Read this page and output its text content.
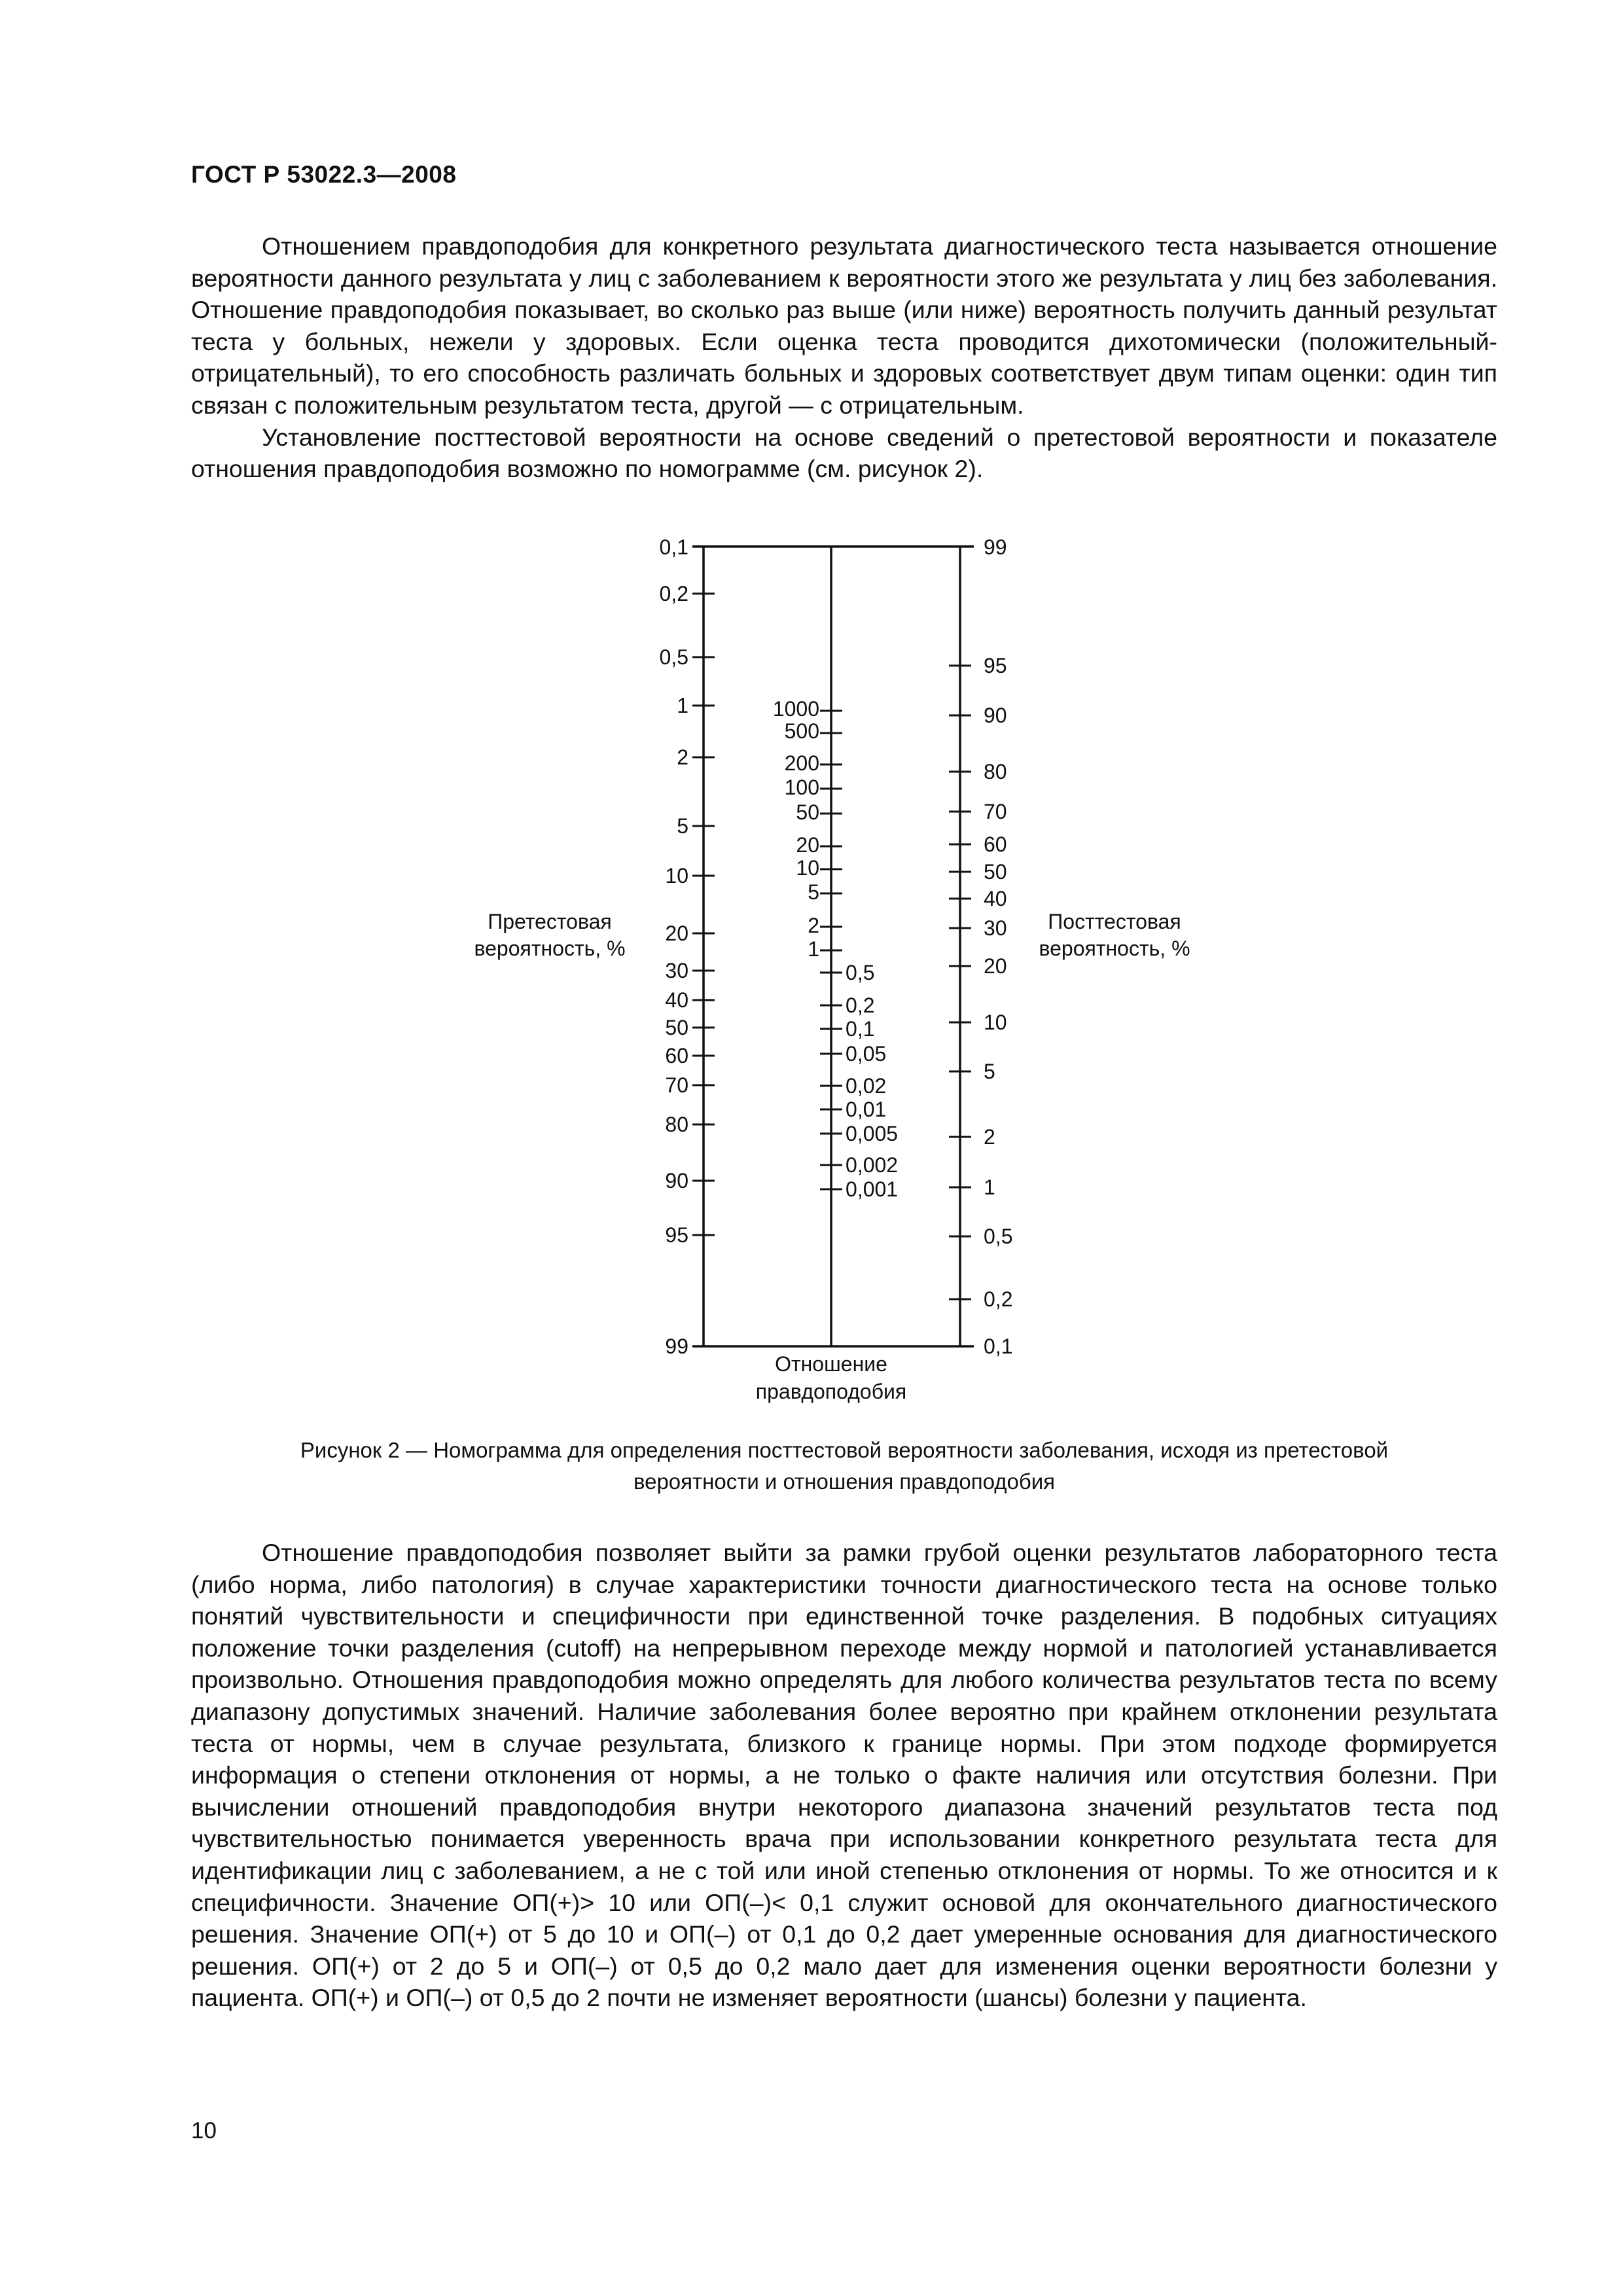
ГОСТ Р 53022.3—2008

Отношением правдоподобия для конкретного результата диагностического теста называется отношение вероятности данного результата у лиц с заболеванием к вероятности этого же результата у лиц без заболевания. Отношение правдоподобия показывает, во сколько раз выше (или ниже) вероятность получить данный результат теста у больных, нежели у здоровых. Если оценка теста проводится дихотомически (положительный-отрицательный), то его способность различать больных и здоровых соответствует двум типам оценки: один тип связан с положительным результатом теста, другой — с отрицательным.

Установление посттестовой вероятности на основе сведений о претестовой вероятности и показателе отношения правдоподобия возможно по номограмме (см. рисунок 2).

0,1
0,2
0,5
1
2
5
10
20
30
40
50
60
70
80
90
95
99
1000
500
200
100
50
20
10
5
2
1
0,5
0,2
0,1
0,05
0,02
0,01
0,005
0,002
0,001
99
95
90
80
70
60
50
40
30
20
10
5
2
1
0,5
0,2
0,1
Претестовая
вероятность, %
Посттестовая
вероятность, %
Отношение
правдоподобия
Рисунок 2 — Номограмма для определения посттестовой вероятности заболевания, исходя из претестовой
вероятности и отношения правдоподобия

Отношение правдоподобия позволяет выйти за рамки грубой оценки результатов лабораторного теста (либо норма, либо патология) в случае характеристики точности диагностического теста на основе только понятий чувствительности и специфичности при единственной точке разделения. В подобных ситуациях положение точки разделения (cutoff) на непрерывном переходе между нормой и патологией устанавливается произвольно. Отношения правдоподобия можно определять для любого количества результатов теста по всему диапазону допустимых значений. Наличие заболевания более вероятно при крайнем отклонении результата теста от нормы, чем в случае результата, близкого к границе нормы. При этом подходе формируется информация о степени отклонения от нормы, а не только о факте наличия или отсутствия болезни. При вычислении отношений правдоподобия внутри некоторого диапазона значений результатов теста под чувствительностью понимается уверенность врача при использовании конкретного результата теста для идентификации лиц с заболеванием, а не с той или иной степенью отклонения от нормы. То же относится и к специфичности. Значение ОП(+)> 10 или ОП(–)< 0,1 служит основой для окончательного диагностического решения. Значение ОП(+) от 5 до 10 и ОП(–) от 0,1 до 0,2 дает умеренные основания для диагностического решения. ОП(+) от 2 до 5 и ОП(–) от 0,5 до 0,2 мало дает для изменения оценки вероятности болезни у пациента. ОП(+) и ОП(–) от 0,5 до 2 почти не изменяет вероятности (шансы) болезни у пациента.

10
